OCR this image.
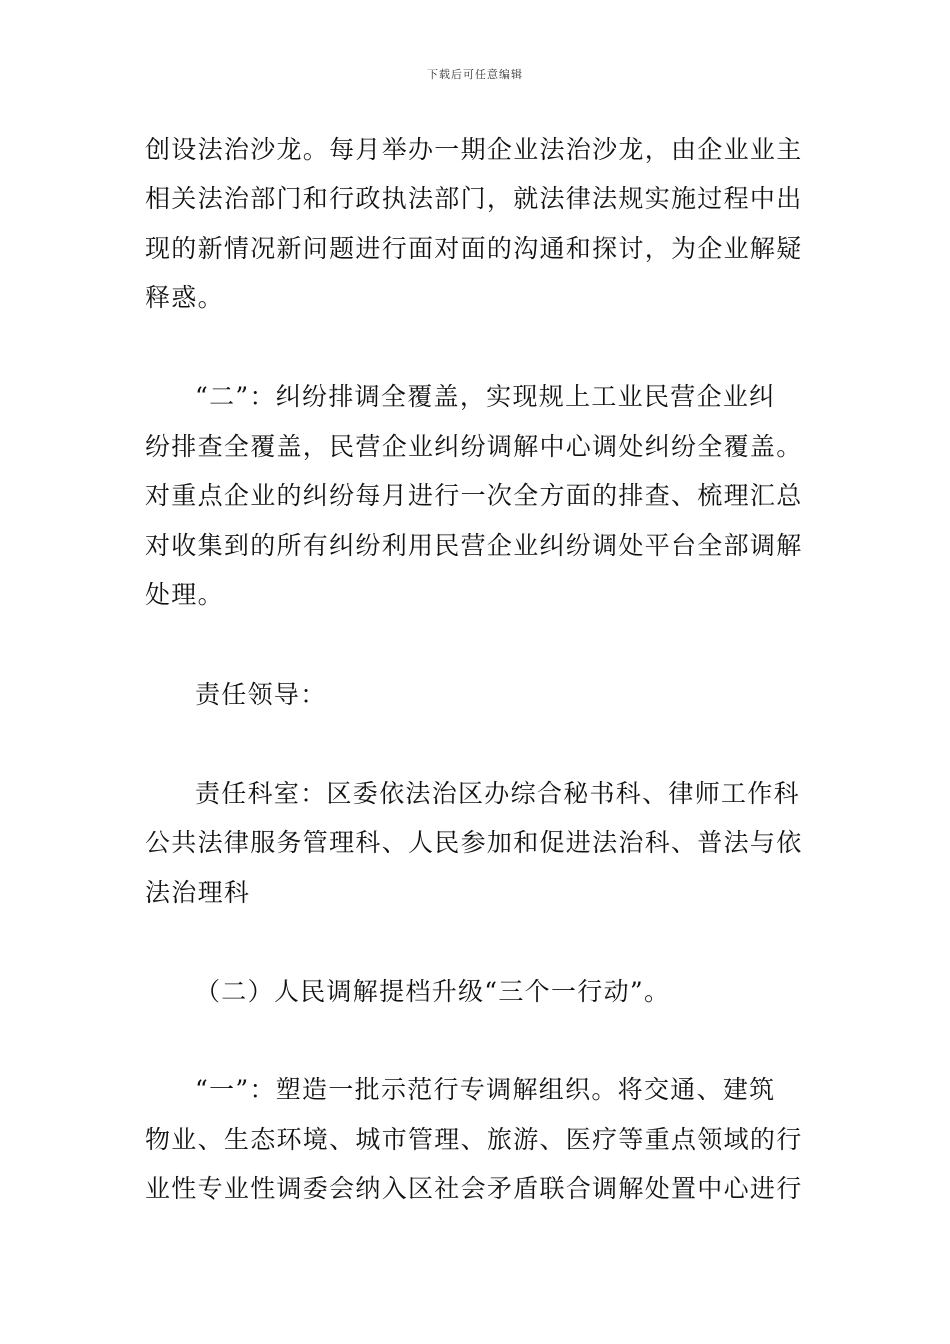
下载后可任意编辑
创设法治沙龙。每月举办一期企业法治沙龙，由企业业主
相关法治部门和行政执法部门，就法律法规实施过程中出
现的新情况新问题进行面对面的沟通和探讨，为企业解疑
释惑。
“二”：纠纷排调全覆盖，实现规上工业民营企业纠
纷排查全覆盖，民营企业纠纷调解中心调处纠纷全覆盖。
对重点企业的纠纷每月进行一次全方面的排查、梳理汇总
对收集到的所有纠纷利用民营企业纠纷调处平台全部调解
处理。
责任领导：
责任科室：区委依法治区办综合秘书科、律师工作科
公共法律服务管理科、人民参加和促进法治科、普法与依
法治理科
（二）人民调解提档升级“三个一行动”。
“一”：塑造一批示范行专调解组织。将交通、建筑
物业、生态环境、城市管理、旅游、医疗等重点领域的行
业性专业性调委会纳入区社会矛盾联合调解处置中心进行
